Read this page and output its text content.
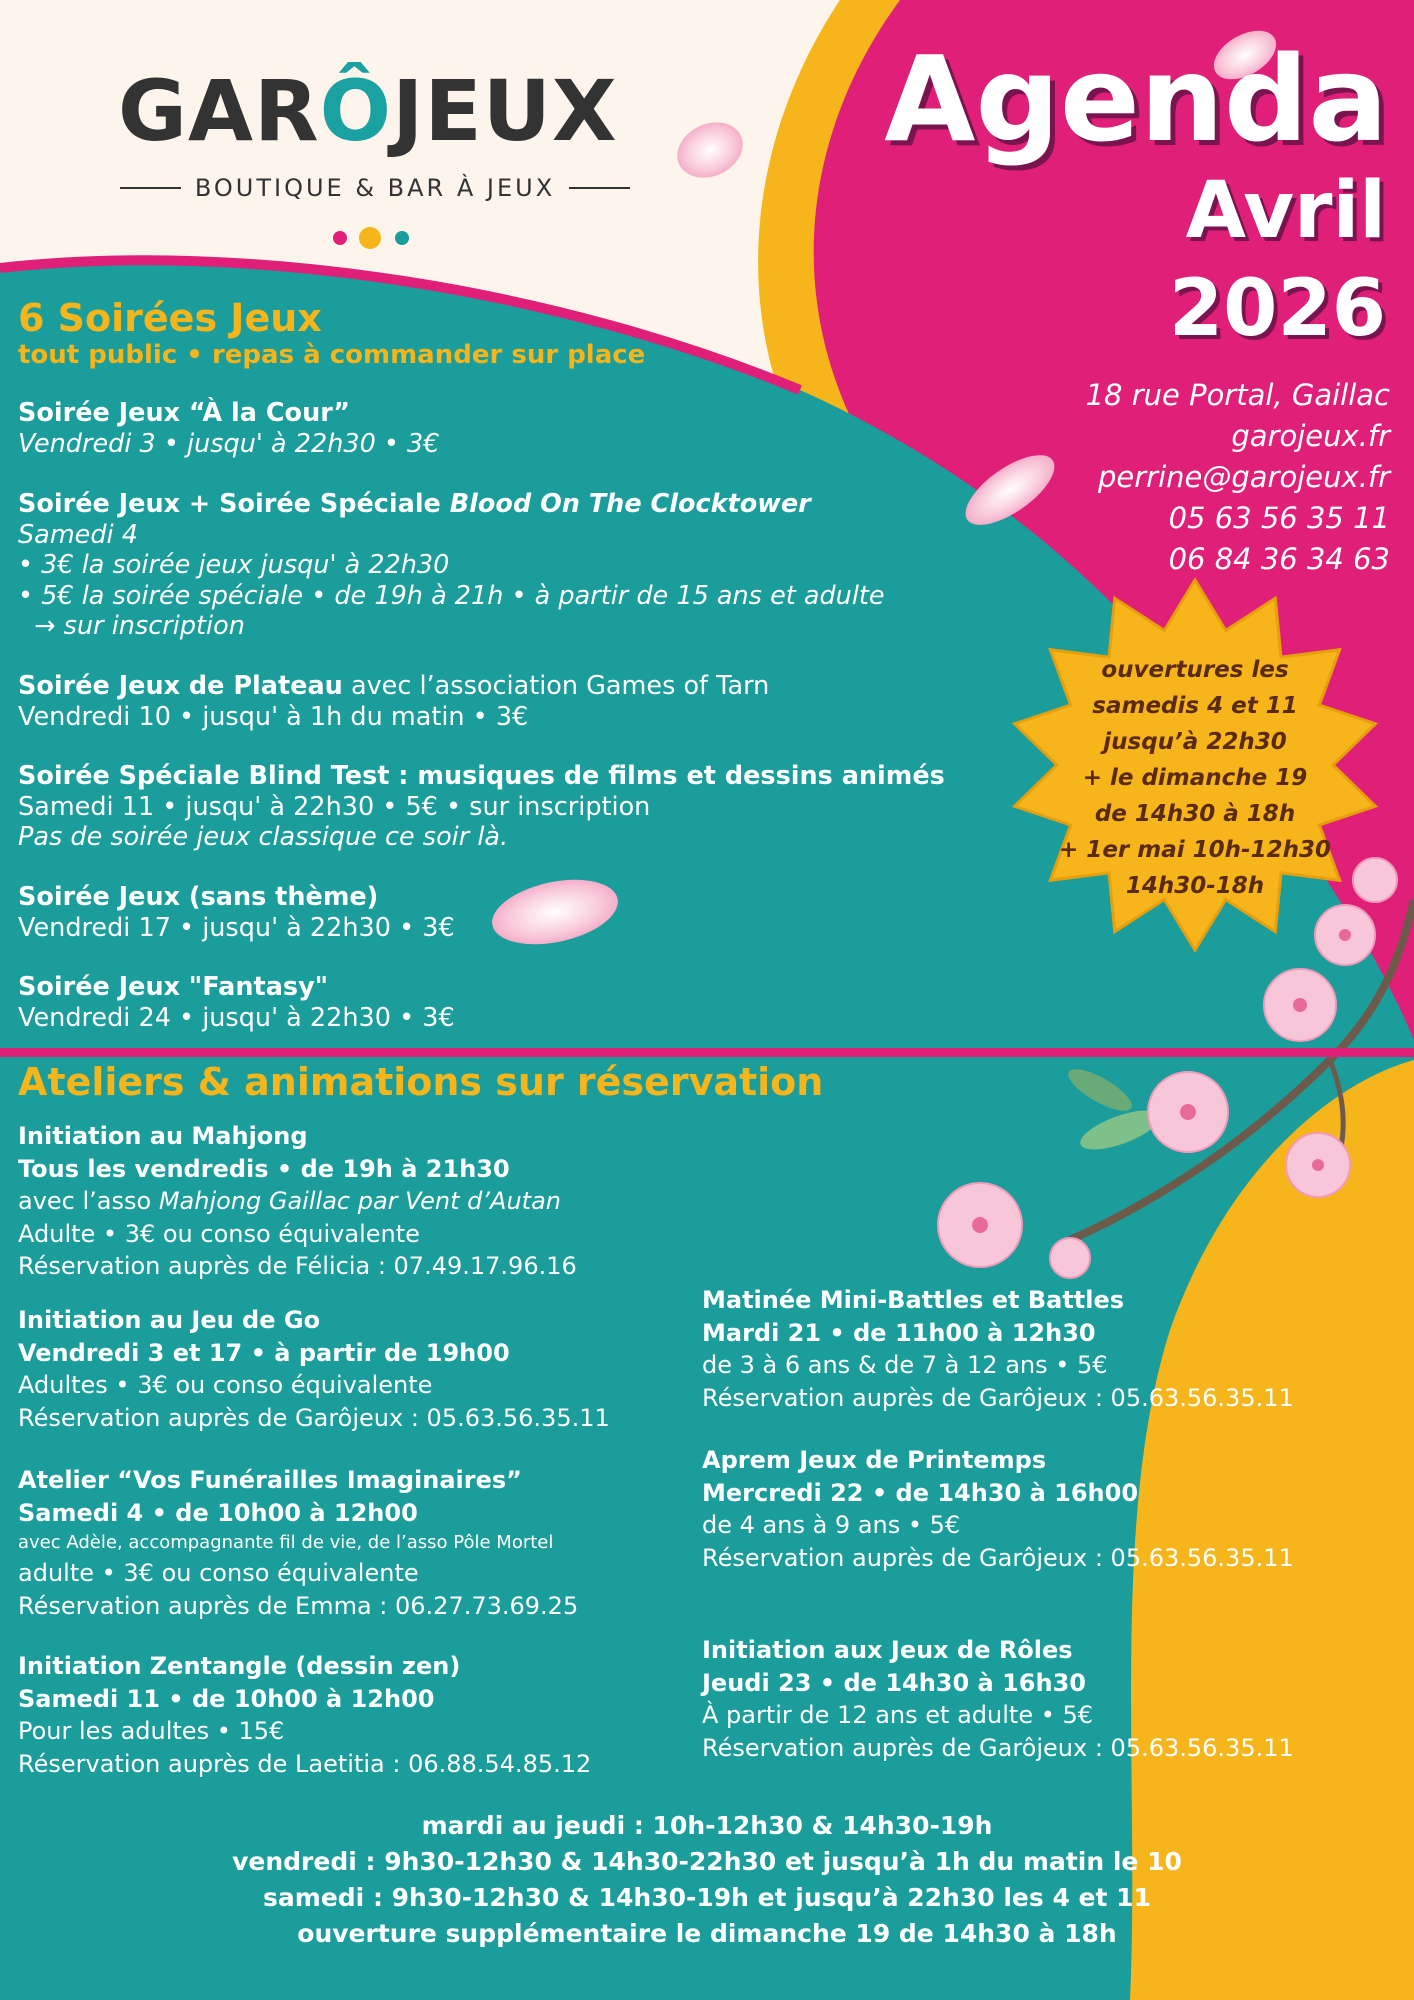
GARÔJEUX
BOUTIQUE & BAR À JEUX
Agenda
Avril
2026
18 rue Portal, Gaillac
garojeux.fr
perrine@garojeux.fr
05 63 56 35 11
06 84 36 34 63
ouvertures les
samedis 4 et 11
jusqu’à 22h30
+ le dimanche 19
de 14h30 à 18h
+ 1er mai 10h-12h30
14h30-18h
6 Soirées Jeux
tout public • repas à commander sur place
Soirée Jeux “À la Cour”
Vendredi 3 • jusqu' à 22h30 • 3€
Soirée Jeux + Soirée Spéciale Blood On The Clocktower
Samedi 4
• 3€ la soirée jeux jusqu' à 22h30
• 5€ la soirée spéciale • de 19h à 21h • à partir de 15 ans et adulte
→ sur inscription
Soirée Jeux de Plateau avec l’association Games of Tarn
Vendredi 10 • jusqu' à 1h du matin • 3€
Soirée Spéciale Blind Test : musiques de films et dessins animés
Samedi 11 • jusqu' à 22h30 • 5€ • sur inscription
Pas de soirée jeux classique ce soir là.
Soirée Jeux (sans thème)
Vendredi 17 • jusqu' à 22h30 • 3€
Soirée Jeux "Fantasy"
Vendredi 24 • jusqu' à 22h30 • 3€
Ateliers & animations sur réservation
Initiation au Mahjong
Tous les vendredis • de 19h à 21h30
avec l’asso Mahjong Gaillac par Vent d’Autan
Adulte • 3€ ou conso équivalente
Réservation auprès de Félicia : 07.49.17.96.16
Initiation au Jeu de Go
Vendredi 3 et 17 • à partir de 19h00
Adultes • 3€ ou conso équivalente
Réservation auprès de Garôjeux : 05.63.56.35.11
Atelier “Vos Funérailles Imaginaires”
Samedi 4 • de 10h00 à 12h00
avec Adèle, accompagnante fil de vie, de l’asso Pôle Mortel
adulte • 3€ ou conso équivalente
Réservation auprès de Emma : 06.27.73.69.25
Initiation Zentangle (dessin zen)
Samedi 11 • de 10h00 à 12h00
Pour les adultes • 15€
Réservation auprès de Laetitia : 06.88.54.85.12
Matinée Mini-Battles et Battles
Mardi 21 • de 11h00 à 12h30
de 3 à 6 ans & de 7 à 12 ans • 5€
Réservation auprès de Garôjeux : 05.63.56.35.11
Aprem Jeux de Printemps
Mercredi 22 • de 14h30 à 16h00
de 4 ans à 9 ans • 5€
Réservation auprès de Garôjeux : 05.63.56.35.11
Initiation aux Jeux de Rôles
Jeudi 23 • de 14h30 à 16h30
À partir de 12 ans et adulte • 5€
Réservation auprès de Garôjeux : 05.63.56.35.11
mardi au jeudi : 10h-12h30 & 14h30-19h
vendredi : 9h30-12h30 & 14h30-22h30 et jusqu’à 1h du matin le 10
samedi : 9h30-12h30 & 14h30-19h et jusqu’à 22h30 les 4 et 11
ouverture supplémentaire le dimanche 19 de 14h30 à 18h
